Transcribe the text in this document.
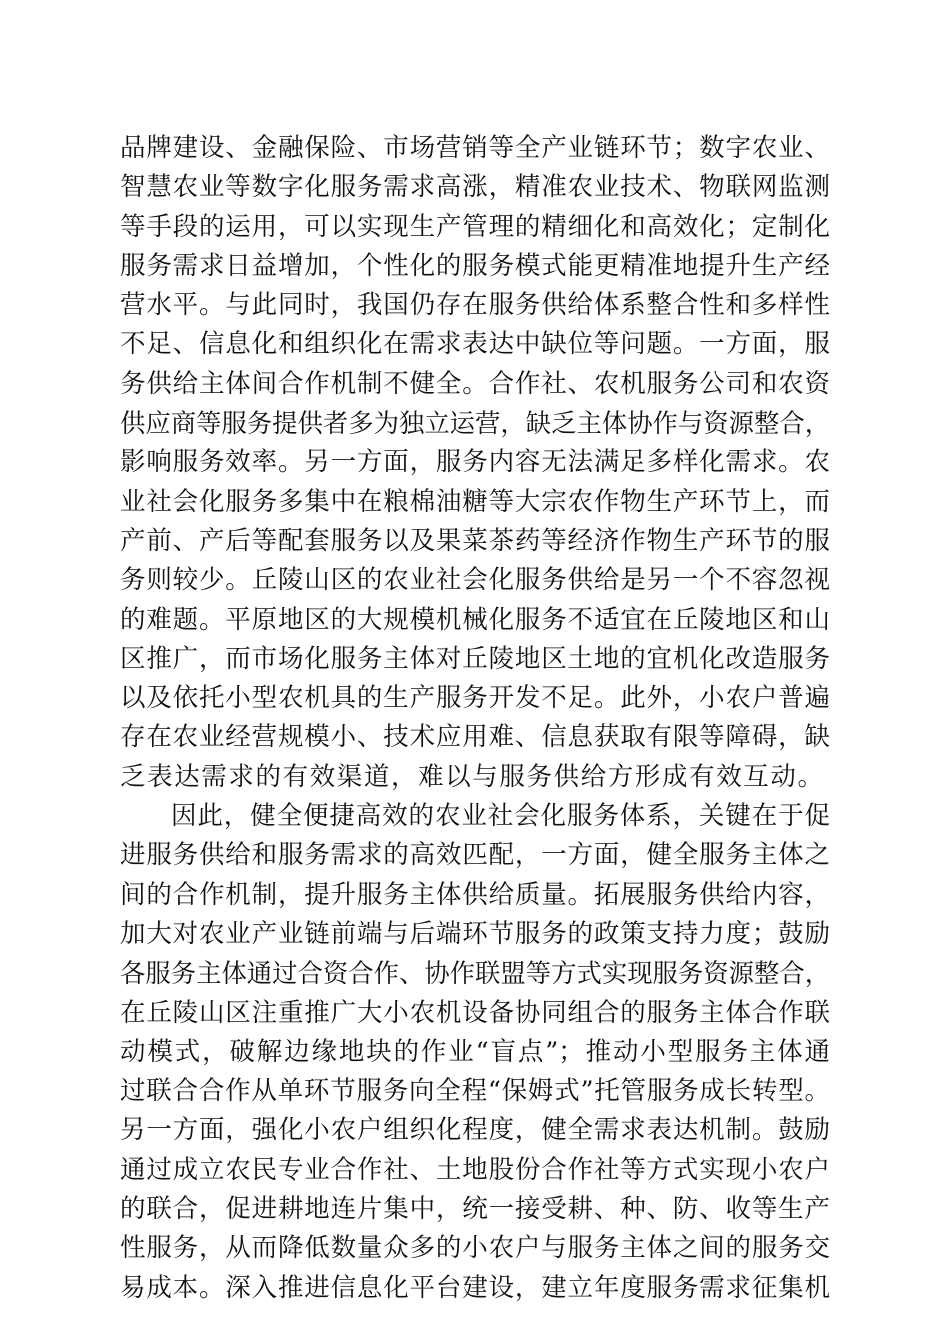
品牌建设、金融保险、市场营销等全产业链环节；数字农业、
智慧农业等数字化服务需求高涨，精准农业技术、物联网监测
等手段的运用，可以实现生产管理的精细化和高效化；定制化
服务需求日益增加，个性化的服务模式能更精准地提升生产经
营水平。与此同时，我国仍存在服务供给体系整合性和多样性
不足、信息化和组织化在需求表达中缺位等问题。一方面，服
务供给主体间合作机制不健全。合作社、农机服务公司和农资
供应商等服务提供者多为独立运营，缺乏主体协作与资源整合，
影响服务效率。另一方面，服务内容无法满足多样化需求。农
业社会化服务多集中在粮棉油糖等大宗农作物生产环节上，而
产前、产后等配套服务以及果菜茶药等经济作物生产环节的服
务则较少。丘陵山区的农业社会化服务供给是另一个不容忽视
的难题。平原地区的大规模机械化服务不适宜在丘陵地区和山
区推广，而市场化服务主体对丘陵地区土地的宜机化改造服务
以及依托小型农机具的生产服务开发不足。此外，小农户普遍
存在农业经营规模小、技术应用难、信息获取有限等障碍，缺
乏表达需求的有效渠道，难以与服务供给方形成有效互动。
因此，健全便捷高效的农业社会化服务体系，关键在于促
进服务供给和服务需求的高效匹配，一方面，健全服务主体之
间的合作机制，提升服务主体供给质量。拓展服务供给内容，
加大对农业产业链前端与后端环节服务的政策支持力度；鼓励
各服务主体通过合资合作、协作联盟等方式实现服务资源整合，
在丘陵山区注重推广大小农机设备协同组合的服务主体合作联
动模式，破解边缘地块的作业“盲点”；推动小型服务主体通
过联合合作从单环节服务向全程“保姆式”托管服务成长转型。
另一方面，强化小农户组织化程度，健全需求表达机制。鼓励
通过成立农民专业合作社、土地股份合作社等方式实现小农户
的联合，促进耕地连片集中，统一接受耕、种、防、收等生产
性服务，从而降低数量众多的小农户与服务主体之间的服务交
易成本。深入推进信息化平台建设，建立年度服务需求征集机
